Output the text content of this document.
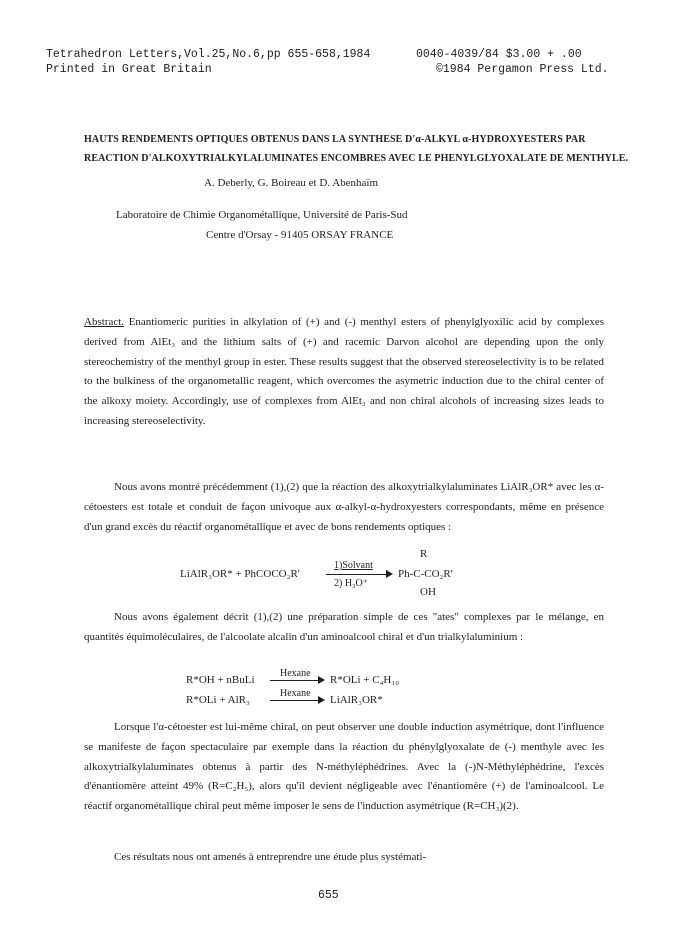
Tetrahedron Letters,Vol.25,No.6,pp 655-658,1984
Printed in Great Britain
0040-4039/84 $3.00 + .00
©1984 Pergamon Press Ltd.
HAUTS RENDEMENTS OPTIQUES OBTENUS DANS LA SYNTHESE D'α-ALKYL α-HYDROXYESTERS PAR
REACTION D'ALKOXYTRIALKYLALUMINATES ENCOMBRES AVEC LE PHENYLGLYOXALATE DE MENTHYLE.
A. Deberly, G. Boireau et D. Abenhaïm
Laboratoire de Chimie Organométallique, Université de Paris-Sud
Centre d'Orsay - 91405 ORSAY FRANCE

Abstract. Enantiomeric purities in alkylation of (+) and (-) menthyl esters of phenylglyoxilic acid by complexes derived from AlEt₃ and the lithium salts of (+) and racemic Darvon alcohol are depending upon the only stereochemistry of the menthyl group in ester. These results suggest that the observed stereoselectivity is to be related to the bulkiness of the organometallic reagent, which overcomes the asymetric induction due to the chiral center of the alkoxy moiety. Accordingly, use of complexes from AlEt₃ and non chiral alcohols of increasing sizes leads to increasing stereoselectivity.

Nous avons montré précédemment (1),(2) que la réaction des alkoxytrialkylaluminates LiAlR₃OR* avec les α-cétoesters est totale et conduit de façon univoque aux α-alkyl-α-hydroxyesters correspondants, même en présence d'un grand excès du réactif organométallique et avec de bons rendements optiques :

LiAlR₃OR* + PhCOCO₂R'
1)Solvant
2) H₃O⁺
R
Ph-C-CO₂R'
OH

Nous avons également décrit (1),(2) une préparation simple de ces "ates" complexes par le mélange, en quantités équimoléculaires, de l'alcoolate alcalin d'un aminoalcool chiral et d'un trialkylaluminium :

R*OH + nBuLi
Hexane
R*OLi + C₄H₁₀
R*OLi + AlR₃
Hexane
LiAlR₃OR*

Lorsque l'α-cétoester est lui-même chiral, on peut observer une double induction asymétrique, dont l'influence se manifeste de façon spectaculaire par exemple dans la réaction du phénylglyoxalate de (-) menthyle avec les alkoxytrialkylaluminates obtenus à partir des N-méthyléphédrines. Avec la (-)N-Méthyléphédrine, l'excès d'énantiomère atteint 49% (R=C₂H₅), alors qu'il devient négligeable avec l'énantiomère (+) de l'aminoalcool. Le réactif organométallique chiral peut même imposer le sens de l'induction asymétrique (R=CH₃)(2).

Ces résultats nous ont amenés à entreprendre une étude plus systémati-

655
